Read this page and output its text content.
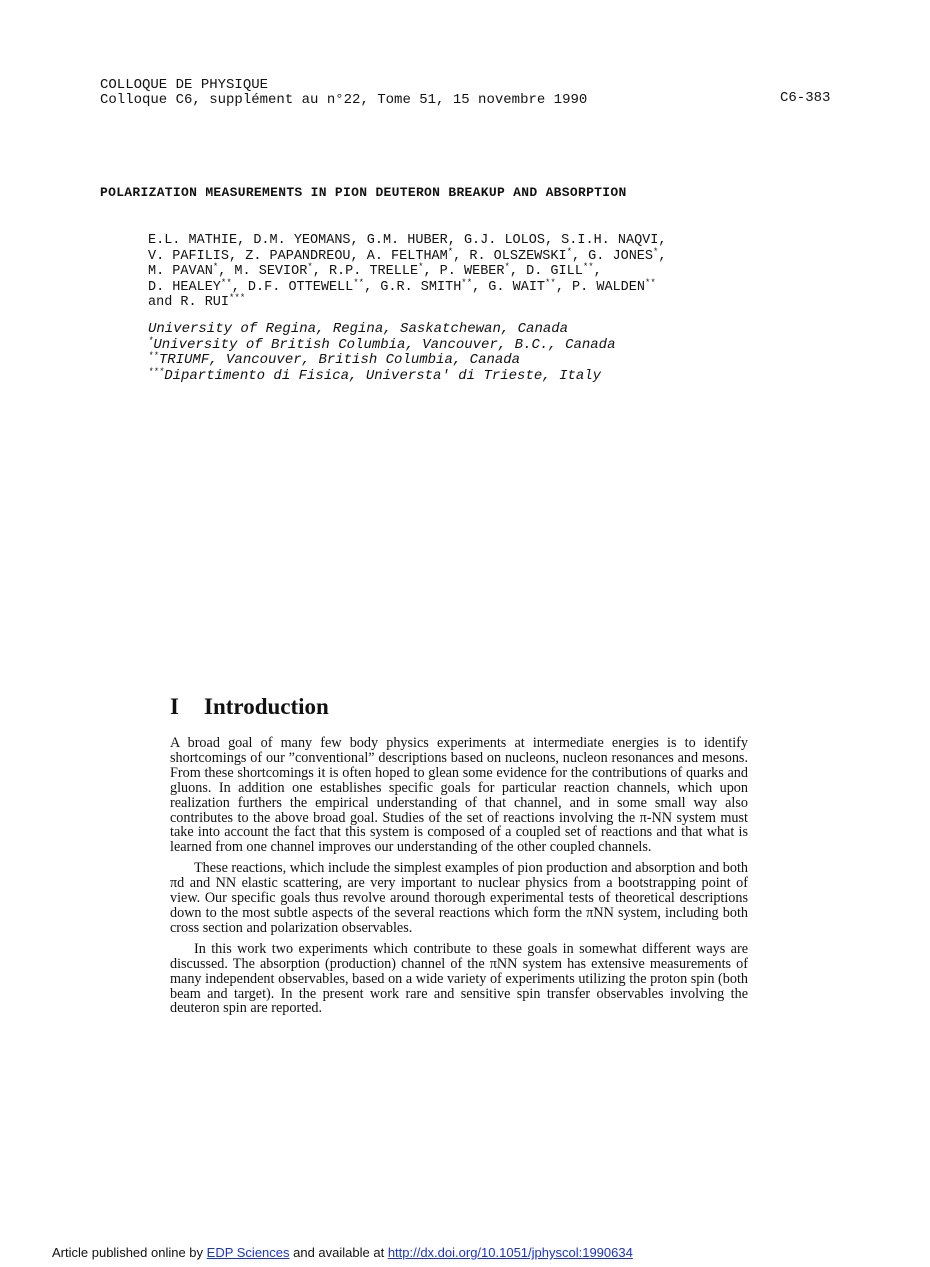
COLLOQUE DE PHYSIQUE
Colloque C6, supplément au n°22, Tome 51, 15 novembre 1990	C6-383
POLARIZATION MEASUREMENTS IN PION DEUTERON BREAKUP AND ABSORPTION
E.L. MATHIE, D.M. YEOMANS, G.M. HUBER, G.J. LOLOS, S.I.H. NAQVI,
V. PAFILIS, Z. PAPANDREOU, A. FELTHAM*, R. OLSZEWSKI*, G. JONES*,
M. PAVAN*, M. SEVIOR*, R.P. TRELLE*, P. WEBER*, D. GILL**,
D. HEALEY**, D.F. OTTEWELL**, G.R. SMITH**, G. WAIT**, P. WALDEN**
and R. RUI***
University of Regina, Regina, Saskatchewan, Canada
*University of British Columbia, Vancouver, B.C., Canada
**TRIUMF, Vancouver, British Columbia, Canada
***Dipartimento di Fisica, Universta' di Trieste, Italy
I Introduction

A broad goal of many few body physics experiments at intermediate energies is to identify shortcomings of our ”conventional” descriptions based on nucleons, nucleon resonances and mesons. From these shortcomings it is often hoped to glean some evidence for the contributions of quarks and gluons. In addition one establishes specific goals for particular reaction channels, which upon realization furthers the empirical understanding of that channel, and in some small way also contributes to the above broad goal. Studies of the set of reactions involving the π-NN system must take into account the fact that this system is composed of a coupled set of reactions and that what is learned from one channel improves our understanding of the other coupled channels.

These reactions, which include the simplest examples of pion production and absorption and both πd and NN elastic scattering, are very important to nuclear physics from a bootstrapping point of view. Our specific goals thus revolve around thorough experimental tests of theoretical descriptions down to the most subtle aspects of the several reactions which form the πNN system, including both cross section and polarization observables.

In this work two experiments which contribute to these goals in somewhat different ways are discussed. The absorption (production) channel of the πNN system has extensive measurements of many independent observables, based on a wide variety of experiments utilizing the proton spin (both beam and target). In the present work rare and sensitive spin transfer observables involving the deuteron spin are reported.

Article published online by EDP Sciences and available at http://dx.doi.org/10.1051/jphyscol:1990634
